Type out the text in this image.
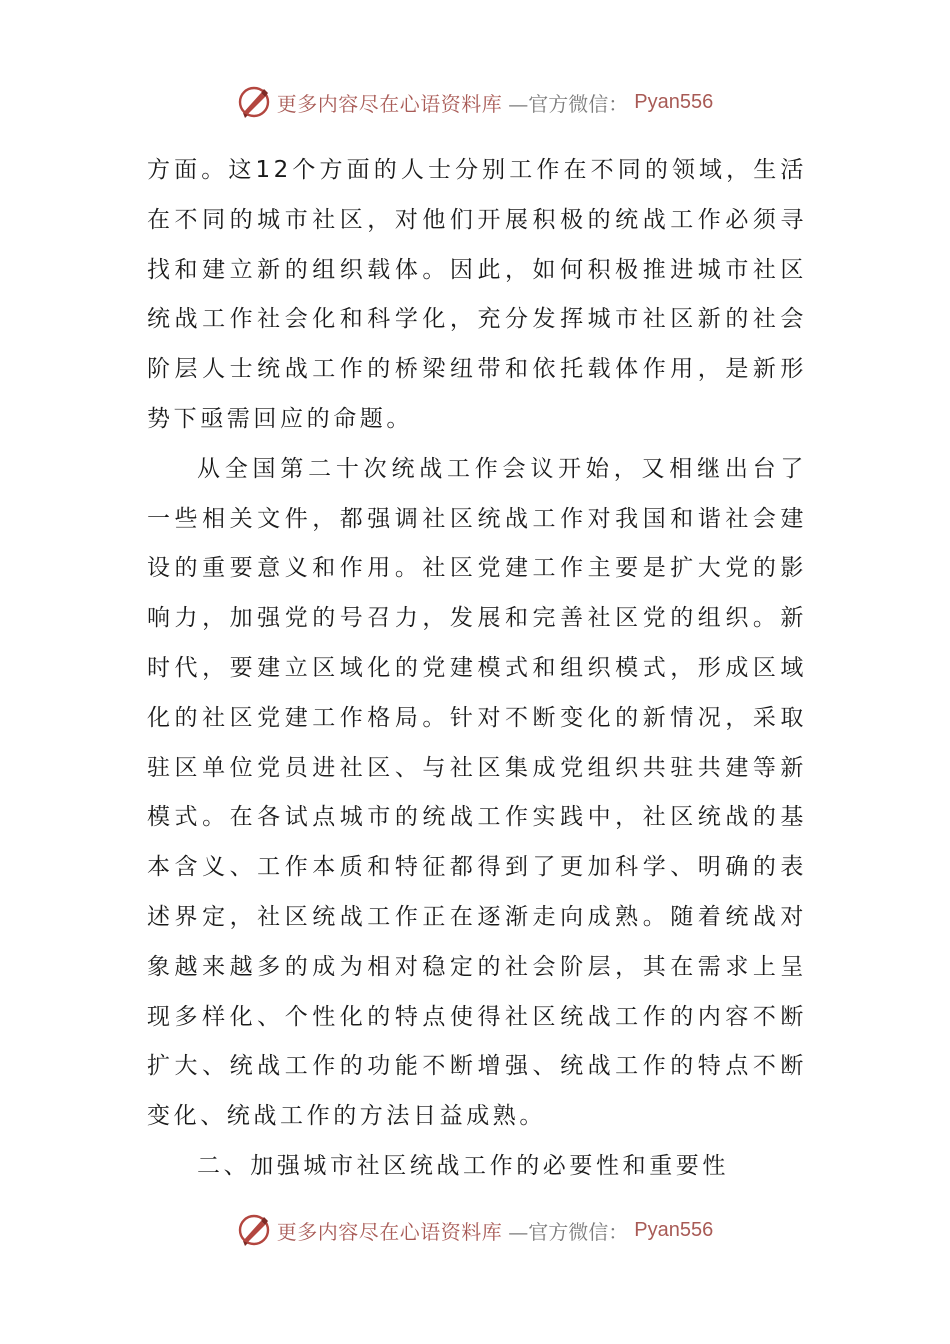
更多内容尽在心语资料库 —官方微信： Pyan556

方面。这12个方面的人士分别工作在不同的领域，生活在不同的城市社区，对他们开展积极的统战工作必须寻找和建立新的组织载体。因此，如何积极推进城市社区统战工作社会化和科学化，充分发挥城市社区新的社会阶层人士统战工作的桥梁纽带和依托载体作用，是新形势下亟需回应的命题。

从全国第二十次统战工作会议开始，又相继出台了一些相关文件，都强调社区统战工作对我国和谐社会建设的重要意义和作用。社区党建工作主要是扩大党的影响力，加强党的号召力，发展和完善社区党的组织。新时代，要建立区域化的党建模式和组织模式，形成区域化的社区党建工作格局。针对不断变化的新情况，采取驻区单位党员进社区、与社区集成党组织共驻共建等新模式。在各试点城市的统战工作实践中，社区统战的基本含义、工作本质和特征都得到了更加科学、明确的表述界定，社区统战工作正在逐渐走向成熟。随着统战对象越来越多的成为相对稳定的社会阶层，其在需求上呈现多样化、个性化的特点使得社区统战工作的内容不断扩大、统战工作的功能不断增强、统战工作的特点不断变化、统战工作的方法日益成熟。

二、加强城市社区统战工作的必要性和重要性

更多内容尽在心语资料库 —官方微信： Pyan556
